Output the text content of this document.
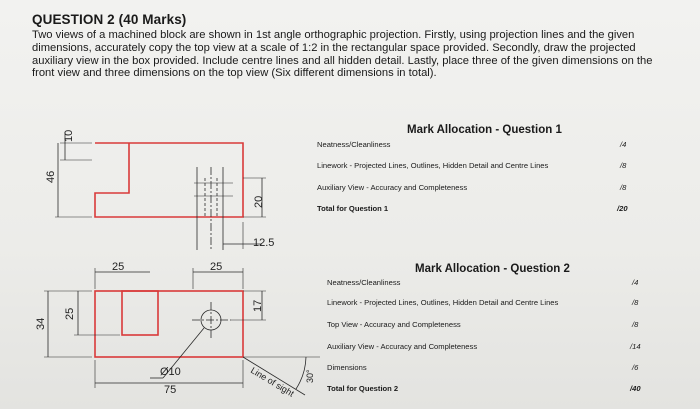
QUESTION 2 (40 Marks)
Two views of a machined block are shown in 1st angle orthographic projection. Firstly, using projection lines and the given dimensions, accurately copy the top view at a scale of 1:2 in the rectangular space provided. Secondly, draw the projected auxiliary view in the box provided. Include centre lines and all hidden detail. Lastly, place three of the given dimensions on the front view and three dimensions on the top view (Six different dimensions in total).
10
46
20
12.5
25	25
34
25
17
Ø10
75	Line of sight 30°
Mark Allocation - Question 1
Neatness/Cleanliness	/4
Linework - Projected Lines, Outlines, Hidden Detail and Centre Lines	/8
Auxiliary View - Accuracy and Completeness	/8
Total for Question 1	/20
Mark Allocation - Question 2
Neatness/Cleanliness	/4
Linework - Projected Lines, Outlines, Hidden Detail and Centre Lines	/8
Top View - Accuracy and Completeness	/8
Auxiliary View - Accuracy and Completeness	/14
Dimensions	/6
Total for Question 2	/40
